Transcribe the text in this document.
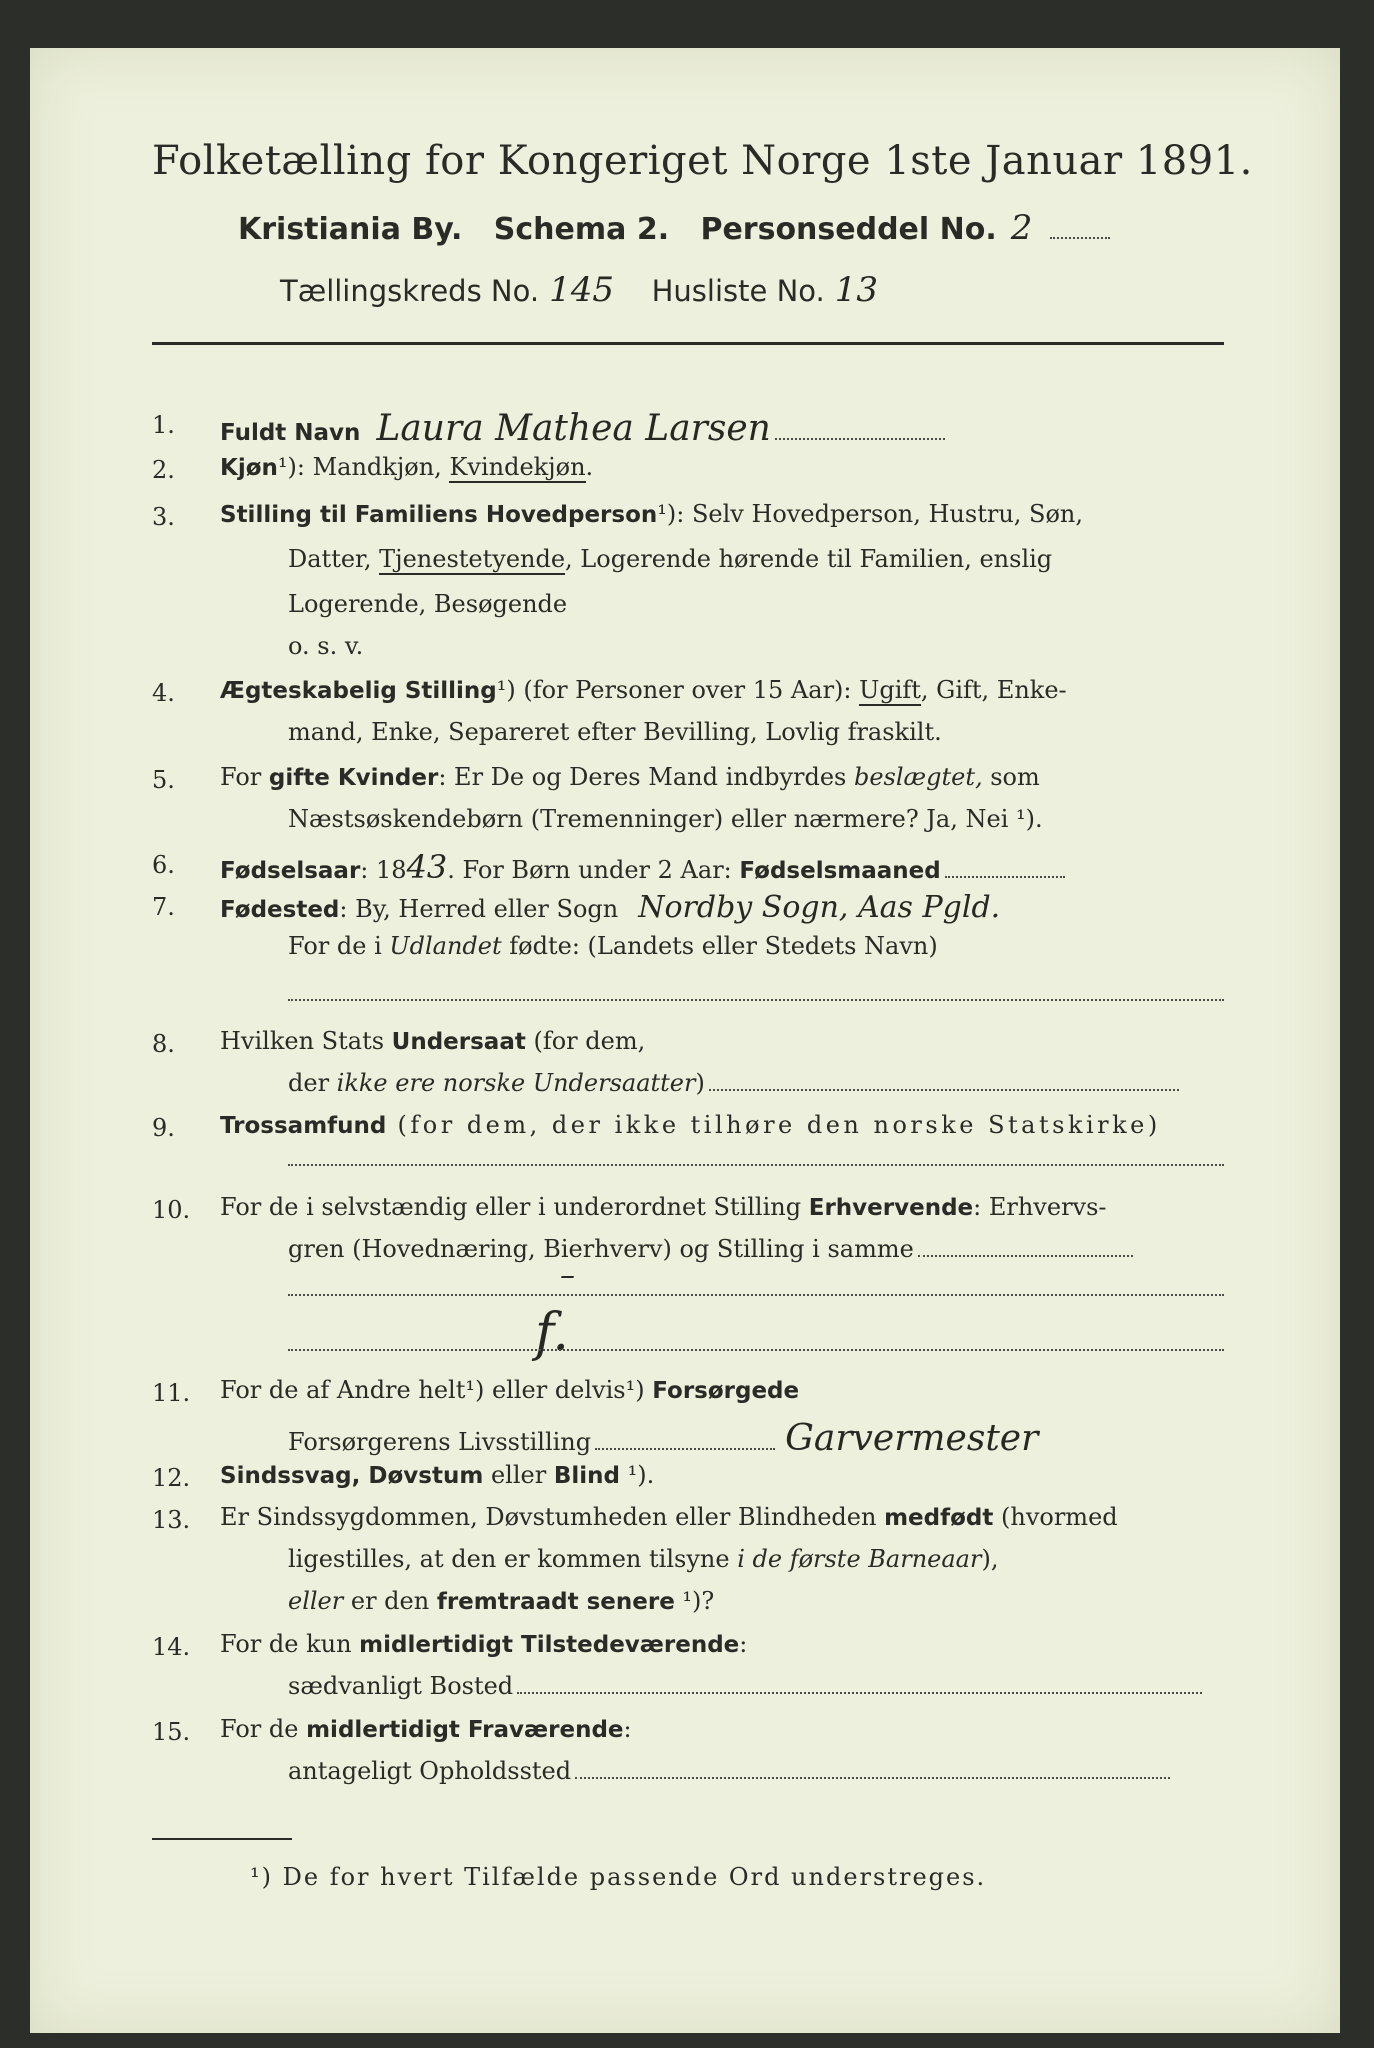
Folketælling for Kongeriget Norge 1ste Januar 1891.
Kristiania By. Schema 2. Personseddel No. 2
Tællingskreds No. 145 Husliste No. 13
1.	Fuldt Navn Laura Mathea Larsen
2.	Kjøn¹): Mandkjøn, Kvindekjøn.
3.	Stilling til Familiens Hovedperson¹): Selv Hovedperson, Hustru, Søn,
Datter, Tjenestetyende, Logerende hørende til Familien, enslig
Logerende, Besøgende
o. s. v.
4.	Ægteskabelig Stilling¹) (for Personer over 15 Aar): Ugift, Gift, Enke-
mand, Enke, Separeret efter Bevilling, Lovlig fraskilt.
5.	For gifte Kvinder: Er De og Deres Mand indbyrdes beslægtet, som
Næstsøskendebørn (Tremenninger) eller nærmere? Ja, Nei ¹).
6.	Fødselsaar: 1843. For Børn under 2 Aar: Fødselsmaaned
7.	Fødested: By, Herred eller Sogn Nordby Sogn, Aas Pgld.
For de i Udlandet fødte: (Landets eller Stedets Navn)
8.	Hvilken Stats Undersaat (for dem,
der ikke ere norske Undersaatter)
9.	Trossamfund (for dem, der ikke tilhøre den norske Statskirke)
10.	For de i selvstændig eller i underordnet Stilling Erhvervende: Erhvervs-
gren (Hovednæring, Bierhverv) og Stilling i samme
–
f.
11.	For de af Andre helt¹) eller delvis¹) Forsørgede
Forsørgerens Livsstilling	Garvermester
12.	Sindssvag, Døvstum eller Blind ¹).
13.	Er Sindssygdommen, Døvstumheden eller Blindheden medfødt (hvormed
ligestilles, at den er kommen tilsyne i de første Barneaar),
eller er den fremtraadt senere ¹)?
14.	For de kun midlertidigt Tilstedeværende:
sædvanligt Bosted
15.	For de midlertidigt Fraværende:
antageligt Opholdssted
¹) De for hvert Tilfælde passende Ord understreges.
